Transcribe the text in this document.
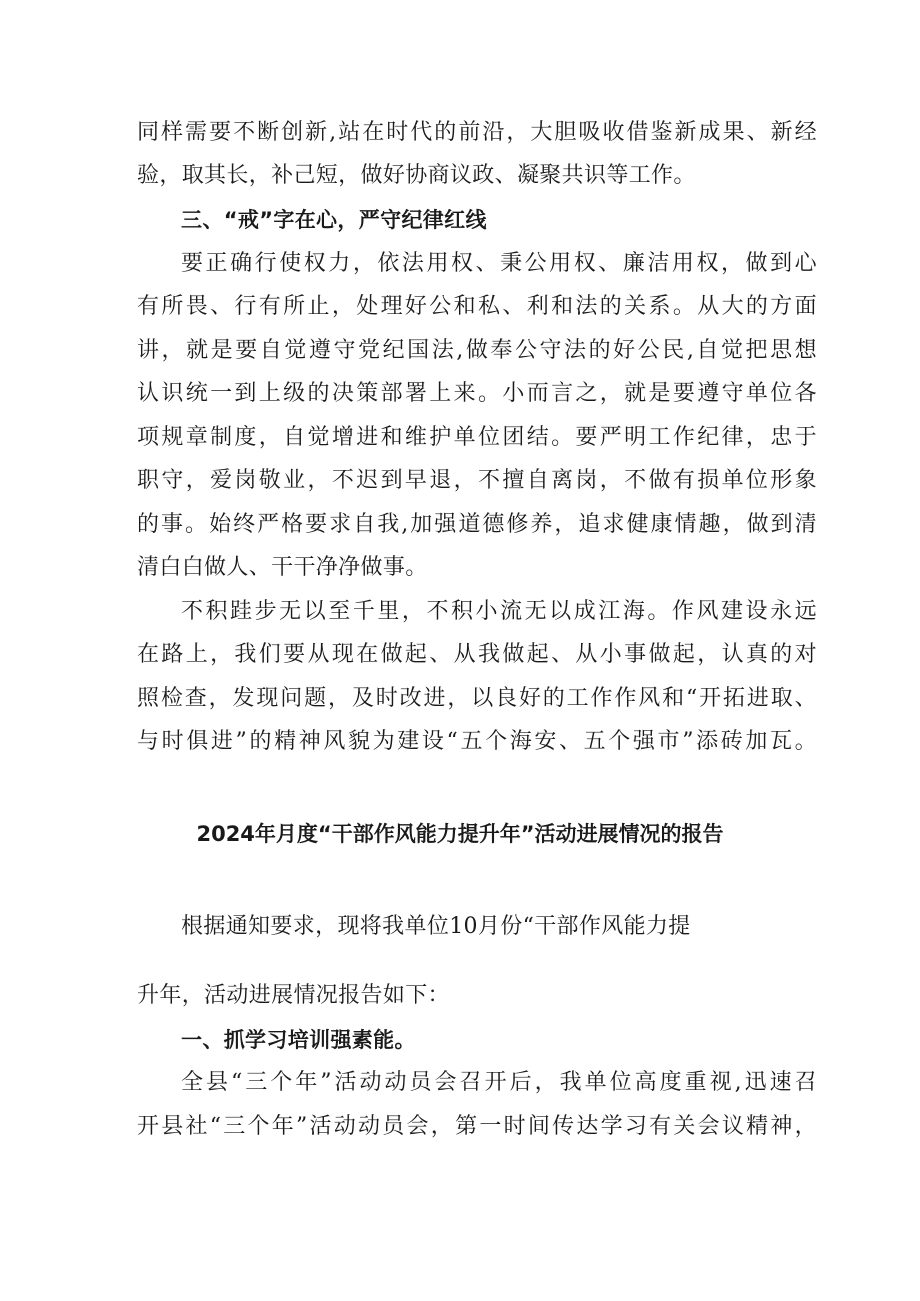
同样需要不断创新,站在时代的前沿，大胆吸收借鉴新成果、新经
验，取其长，补己短，做好协商议政、凝聚共识等工作。
三、“戒”字在心，严守纪律红线
要正确行使权力，依法用权、秉公用权、廉洁用权，做到心
有所畏、行有所止，处理好公和私、利和法的关系。从大的方面
讲，就是要自觉遵守党纪国法,做奉公守法的好公民,自觉把思想
认识统一到上级的决策部署上来。小而言之，就是要遵守单位各
项规章制度，自觉增进和维护单位团结。要严明工作纪律，忠于
职守，爱岗敬业，不迟到早退，不擅自离岗，不做有损单位形象
的事。始终严格要求自我,加强道德修养，追求健康情趣，做到清
清白白做人、干干净净做事。
不积跬步无以至千里，不积小流无以成江海。作风建设永远
在路上，我们要从现在做起、从我做起、从小事做起，认真的对
照检查，发现问题，及时改进，以良好的工作作风和“开拓进取、
与时俱进”的精神风貌为建设“五个海安、五个强市”添砖加瓦。
2024年月度“干部作风能力提升年”活动进展情况的报告
根据通知要求，现将我单位10月份“干部作风能力提
升年，活动进展情况报告如下：
一、抓学习培训强素能。
全县“三个年”活动动员会召开后，我单位高度重视,迅速召
开县社“三个年”活动动员会，第一时间传达学习有关会议精神，
